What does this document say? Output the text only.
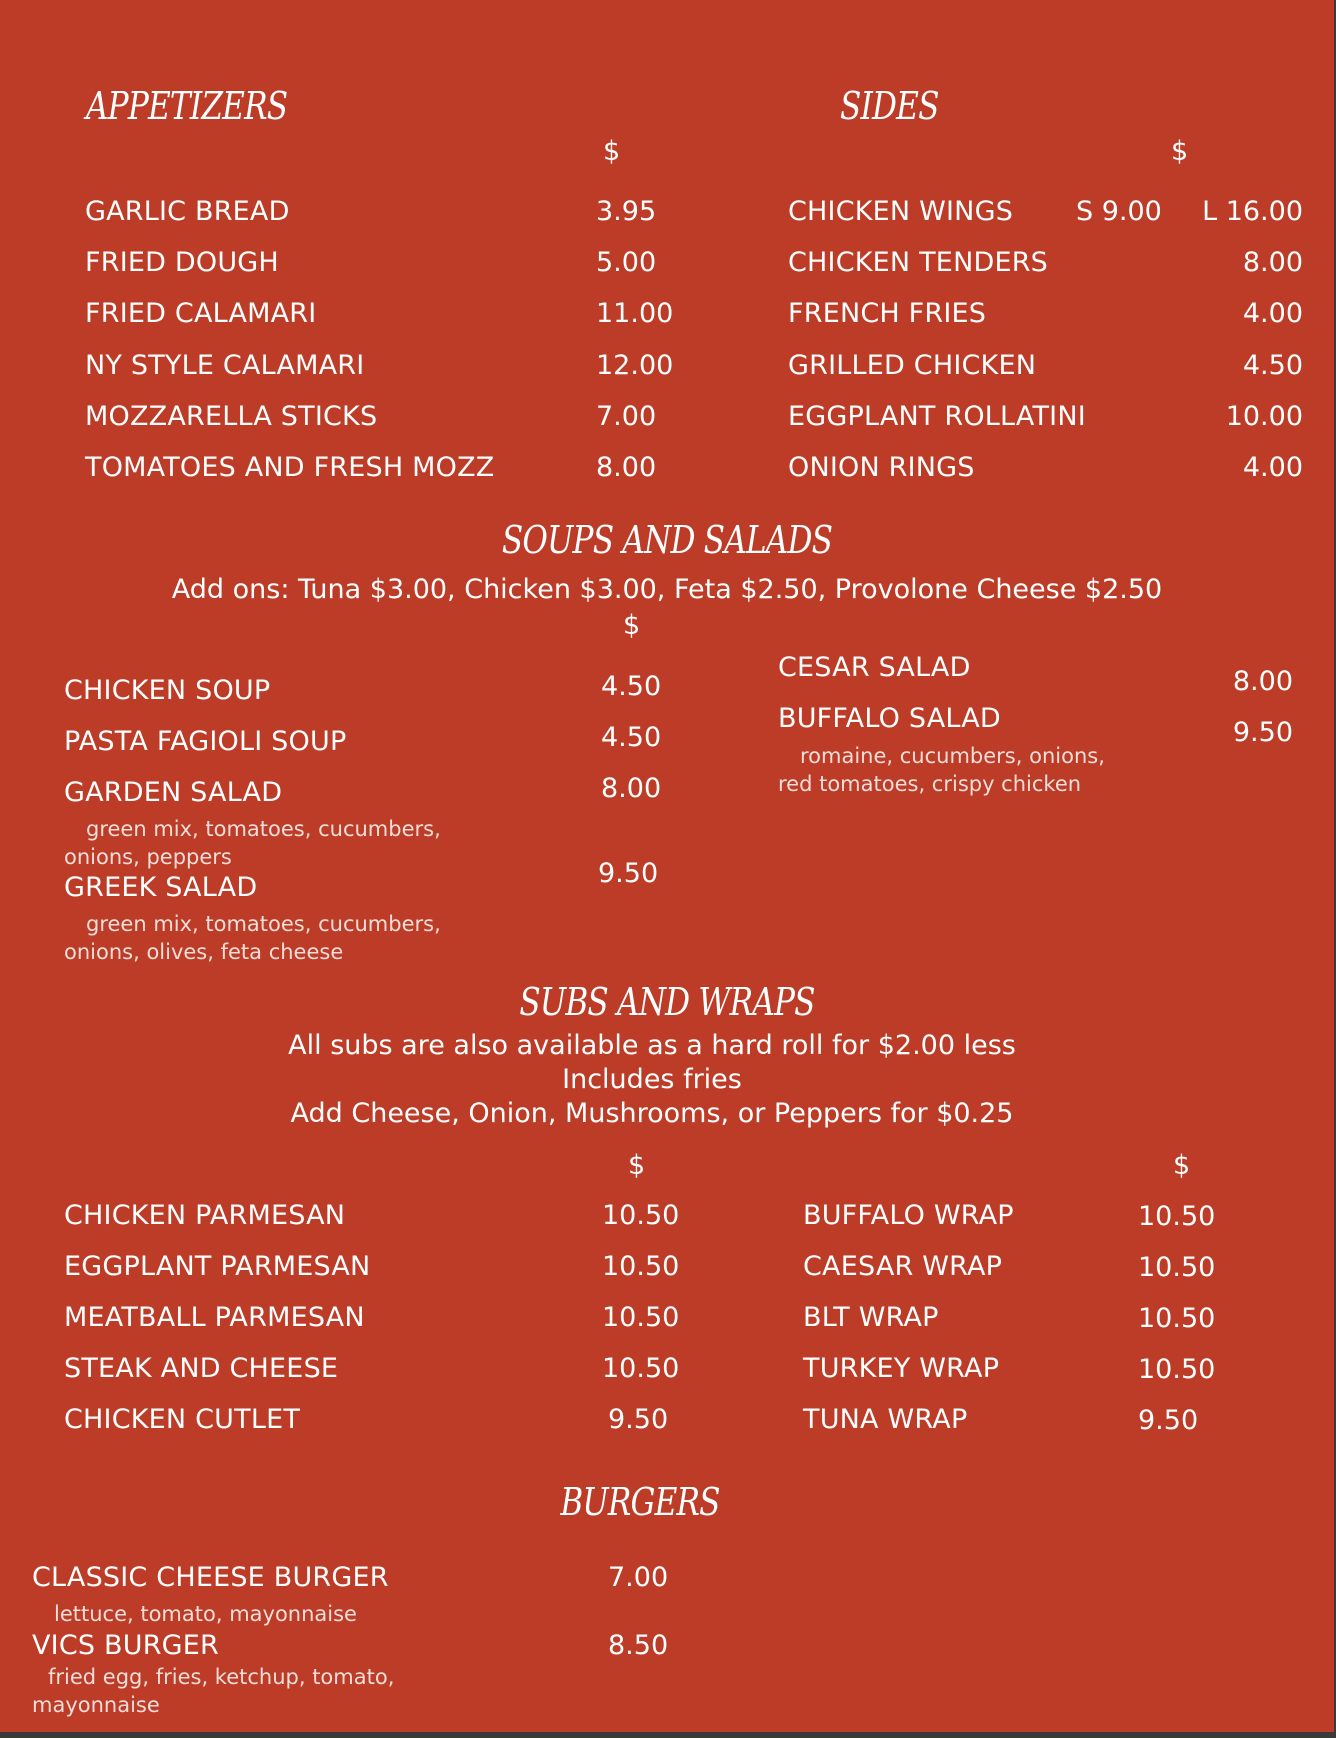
APPETIZERS
$
GARLIC BREAD	3.95
FRIED DOUGH	5.00
FRIED CALAMARI	11.00
NY STYLE CALAMARI	12.00
MOZZARELLA STICKS	7.00
TOMATOES AND FRESH MOZZ	8.00
SIDES
$
CHICKEN WINGS S 9.00 L 16.00
CHICKEN TENDERS	8.00
FRENCH FRIES	4.00
GRILLED CHICKEN	4.50
EGGPLANT ROLLATINI	10.00
ONION RINGS	4.00
SOUPS AND SALADS
Add ons: Tuna $3.00, Chicken $3.00, Feta $2.50, Provolone Cheese $2.50
$
CHICKEN SOUP	4.50
PASTA FAGIOLI SOUP	4.50
GARDEN SALAD	8.00
green mix, tomatoes, cucumbers, onions, peppers
GREEK SALAD	9.50
green mix, tomatoes, cucumbers, onions, olives, feta cheese
CESAR SALAD	8.00
BUFFALO SALAD	9.50
romaine, cucumbers, onions, red tomatoes, crispy chicken
SUBS AND WRAPS
All subs are also available as a hard roll for $2.00 less
Includes fries
Add Cheese, Onion, Mushrooms, or Peppers for $0.25
$	$
CHICKEN PARMESAN	10.50
EGGPLANT PARMESAN	10.50
MEATBALL PARMESAN	10.50
STEAK AND CHEESE	10.50
CHICKEN CUTLET	9.50
BUFFALO WRAP	10.50
CAESAR WRAP	10.50
BLT WRAP	10.50
TURKEY WRAP	10.50
TUNA WRAP	9.50
BURGERS
CLASSIC CHEESE BURGER	7.00
lettuce, tomato, mayonnaise
VICS BURGER	8.50
fried egg, fries, ketchup, tomato, mayonnaise
